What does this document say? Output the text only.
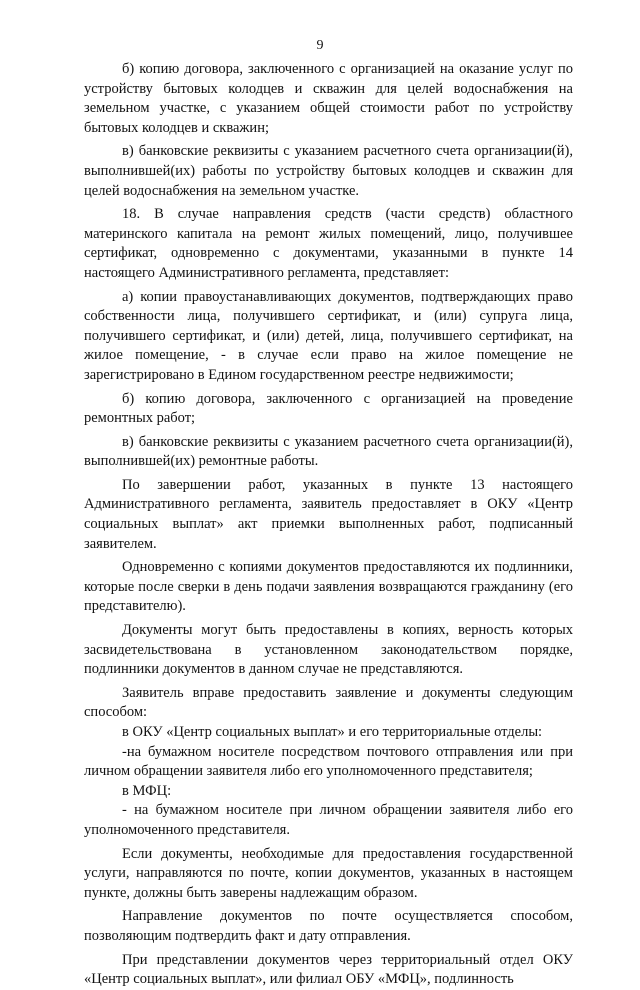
9

б) копию договора, заключенного с организацией на оказание услуг по устройству бытовых колодцев и скважин для целей водоснабжения на земельном участке, с указанием общей стоимости работ по устройству бытовых колодцев и скважин;

в) банковские реквизиты с указанием расчетного счета организации(й), выполнившей(их) работы по устройству бытовых колодцев и скважин для целей водоснабжения на земельном участке.

18. В случае направления средств (части средств) областного материнского капитала на ремонт жилых помещений, лицо, получившее сертификат, одновременно с документами, указанными в пункте 14 настоящего Административного регламента, представляет:

а) копии правоустанавливающих документов, подтверждающих право собственности лица, получившего сертификат, и (или) супруга лица, получившего сертификат, и (или) детей, лица, получившего сертификат, на жилое помещение, - в случае если право на жилое помещение не зарегистрировано в Едином государственном реестре недвижимости;

б) копию договора, заключенного с организацией на проведение ремонтных работ;

в) банковские реквизиты с указанием расчетного счета организации(й), выполнившей(их) ремонтные работы.

По завершении работ, указанных в пункте 13 настоящего Административного регламента, заявитель предоставляет в ОКУ «Центр социальных выплат» акт приемки выполненных работ, подписанный заявителем.

Одновременно с копиями документов предоставляются их подлинники, которые после сверки в день подачи заявления возвращаются гражданину (его представителю).

Документы могут быть предоставлены в копиях, верность которых засвидетельствована в установленном законодательством порядке, подлинники документов в данном случае не представляются.

Заявитель вправе предоставить заявление и документы следующим способом:

в ОКУ «Центр социальных выплат» и его территориальные отделы:

-на бумажном носителе посредством почтового отправления или при личном обращении заявителя либо его уполномоченного представителя;

в МФЦ:

- на бумажном носителе при личном обращении заявителя либо его уполномоченного представителя.

Если документы, необходимые для предоставления государственной услуги, направляются по почте, копии документов, указанных в настоящем пункте, должны быть заверены надлежащим образом.

Направление документов по почте осуществляется способом, позволяющим подтвердить факт и дату отправления.

При представлении документов через территориальный отдел ОКУ «Центр социальных выплат», или филиал ОБУ «МФЦ», подлинность
